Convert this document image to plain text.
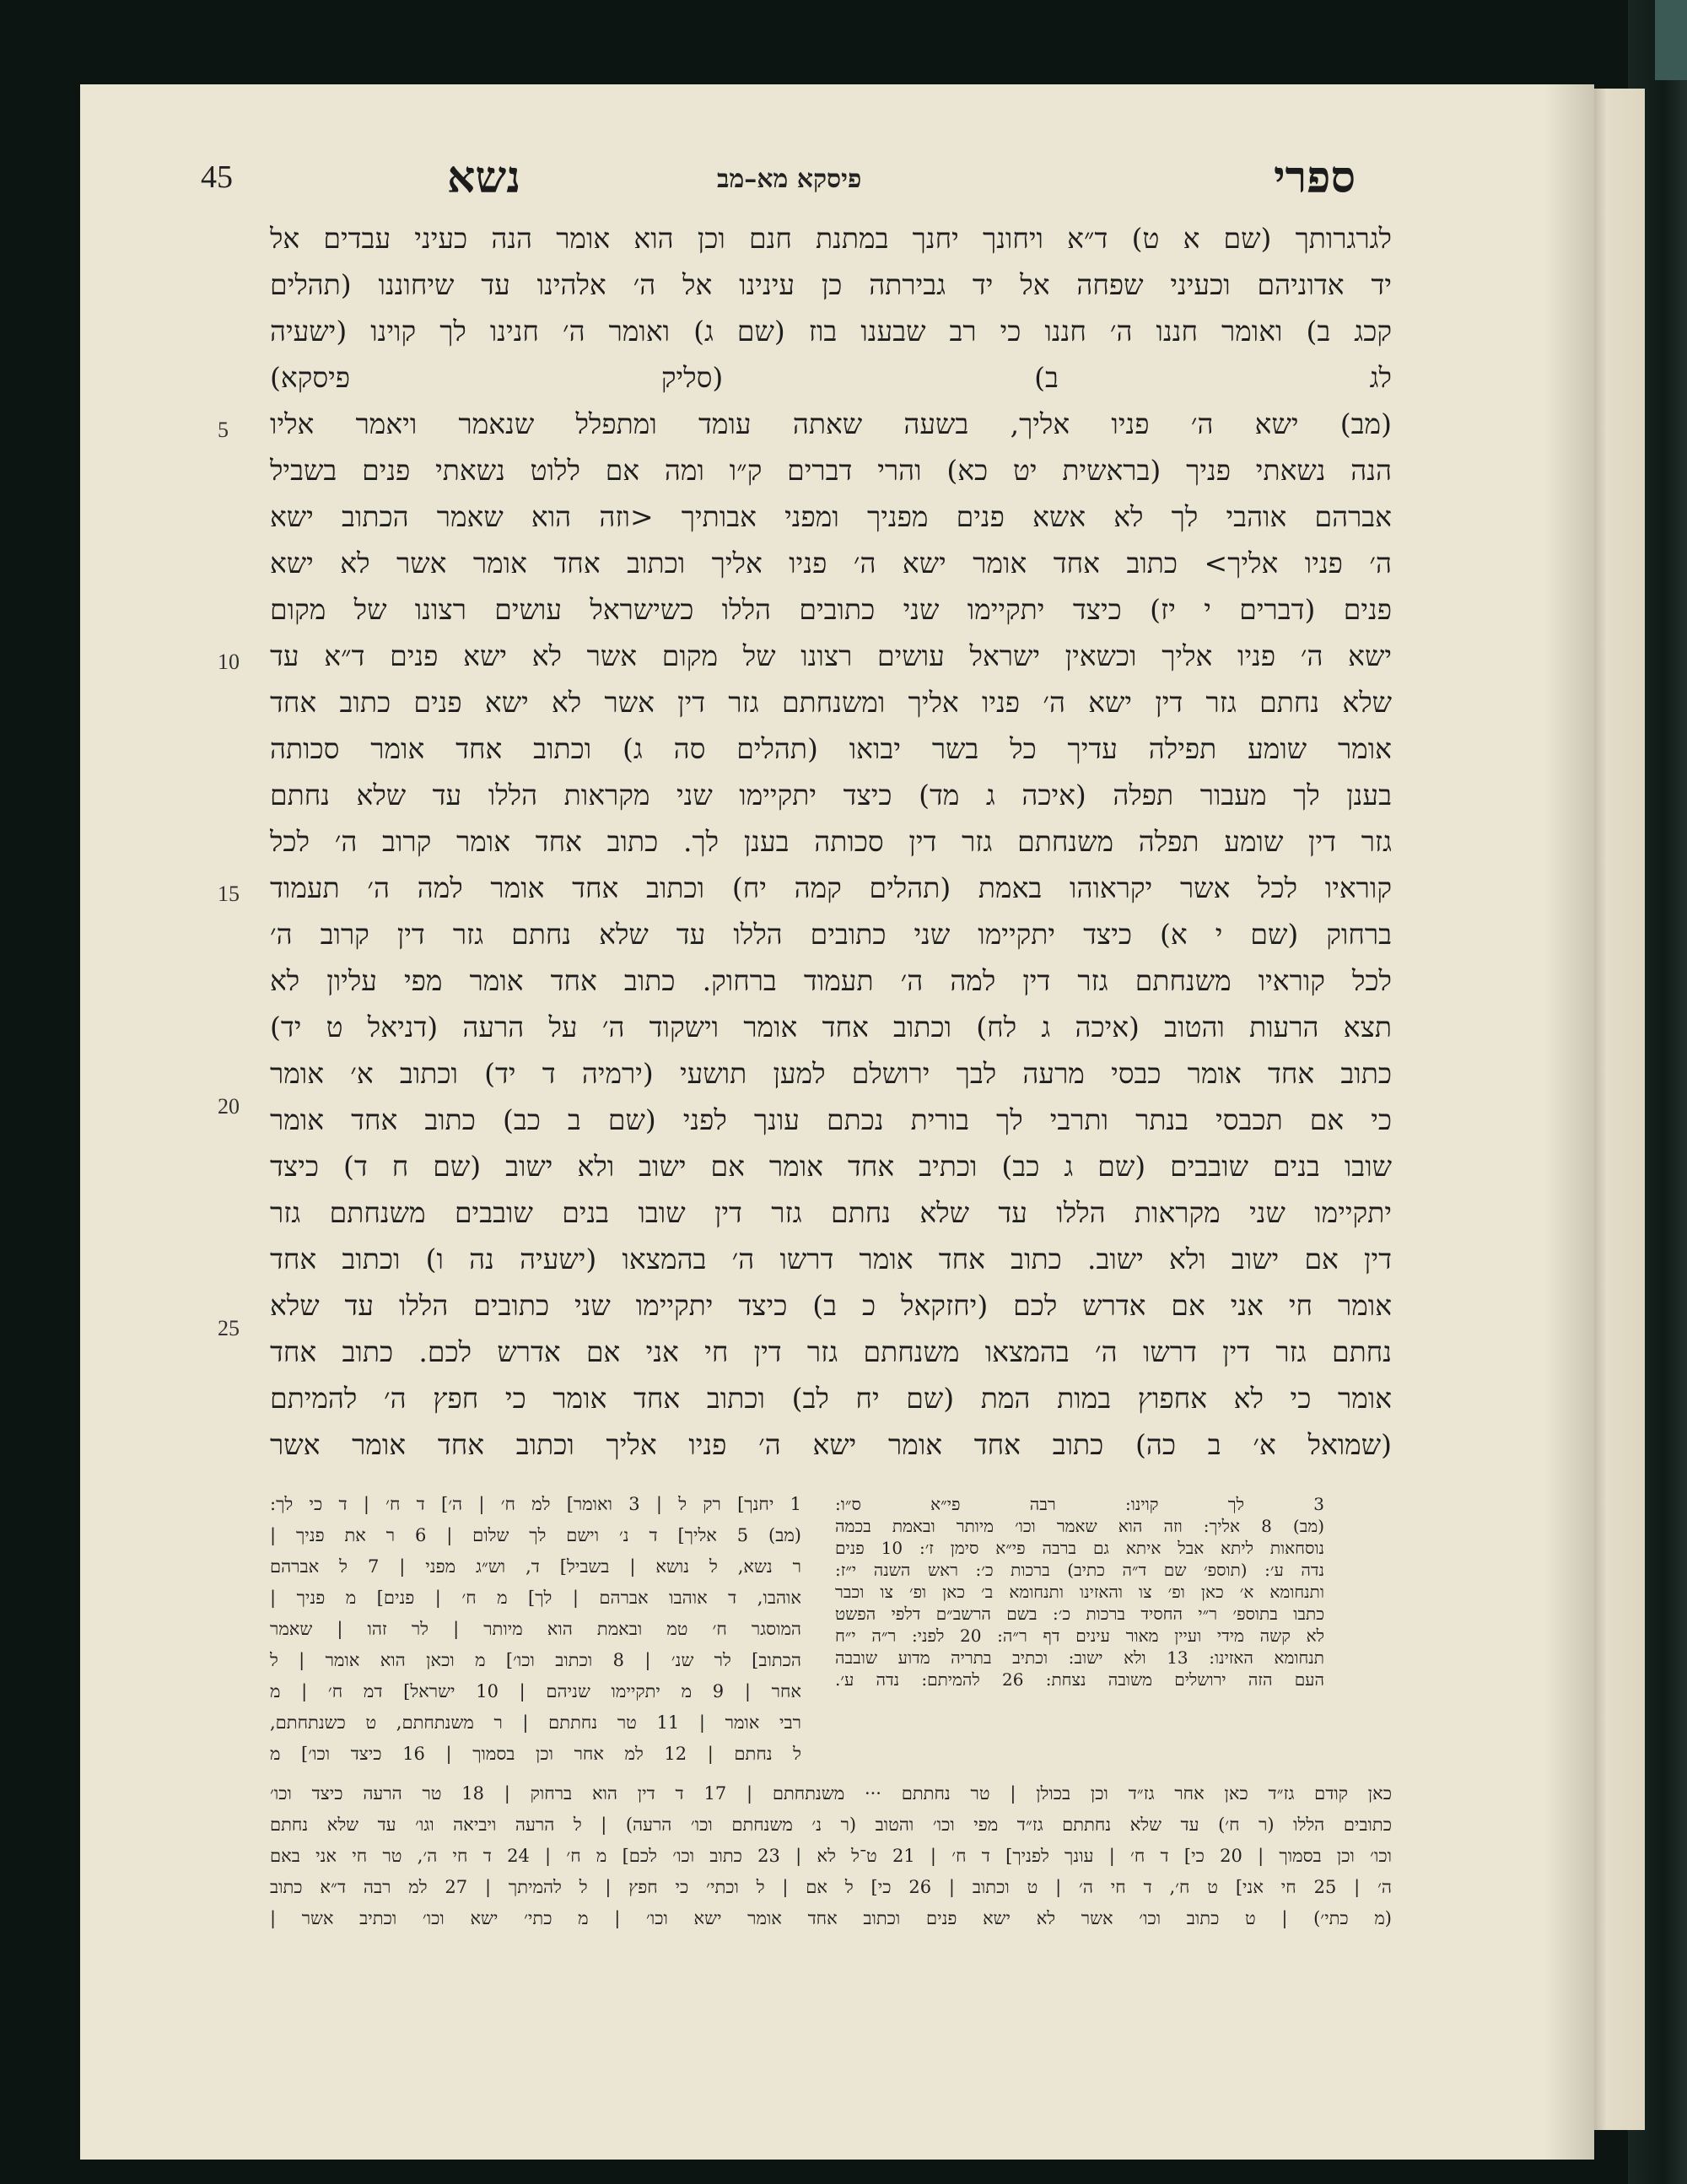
45	נשא	פיסקא מא–מב	ספרי
5
10
15
20
25
לגרגרותך (שם א ט) ד״א ויחונך יחנך במתנת חנם וכן הוא אומר הנה כעיני עבדים אל
יד אדוניהם וכעיני שפחה אל יד גבירתה כן עינינו אל ה׳ אלהינו עד שיחוננו (תהלים
קכג ב) ואומר חננו ה׳ חננו כי רב שבענו בוז (שם ג) ואומר ה׳ חנינו לך קוינו (ישעיה
לג ב) (סליק פיסקא)
(מב) ישא ה׳ פניו אליך, בשעה שאתה עומד ומתפלל שנאמר ויאמר אליו
הנה נשאתי פניך (בראשית יט כא) והרי דברים ק״ו ומה אם ללוט נשאתי פנים בשביל
אברהם אוהבי לך לא אשא פנים מפניך ומפני אבותיך <וזה הוא שאמר הכתוב ישא
ה׳ פניו אליך> כתוב אחד אומר ישא ה׳ פניו אליך וכתוב אחד אומר אשר לא ישא
פנים (דברים י יז) כיצד יתקיימו שני כתובים הללו כשישראל עושים רצונו של מקום
ישא ה׳ פניו אליך וכשאין ישראל עושים רצונו של מקום אשר לא ישא פנים ד״א עד
שלא נחתם גזר דין ישא ה׳ פניו אליך ומשנחתם גזר דין אשר לא ישא פנים כתוב אחד
אומר שומע תפילה עדיך כל בשר יבואו (תהלים סה ג) וכתוב אחד אומר סכותה
בענן לך מעבור תפלה (איכה ג מד) כיצד יתקיימו שני מקראות הללו עד שלא נחתם
גזר דין שומע תפלה משנחתם גזר דין סכותה בענן לך. כתוב אחד אומר קרוב ה׳ לכל
קוראיו לכל אשר יקראוהו באמת (תהלים קמה יח) וכתוב אחד אומר למה ה׳ תעמוד
ברחוק (שם י א) כיצד יתקיימו שני כתובים הללו עד שלא נחתם גזר דין קרוב ה׳
לכל קוראיו משנחתם גזר דין למה ה׳ תעמוד ברחוק. כתוב אחד אומר מפי עליון לא
תצא הרעות והטוב (איכה ג לח) וכתוב אחד אומר וישקוד ה׳ על הרעה (דניאל ט יד)
כתוב אחד אומר כבסי מרעה לבך ירושלם למען תושעי (ירמיה ד יד) וכתוב א׳ אומר
כי אם תכבסי בנתר ותרבי לך בורית נכתם עונך לפני (שם ב כב) כתוב אחד אומר
שובו בנים שובבים (שם ג כב) וכתיב אחד אומר אם ישוב ולא ישוב (שם ח ד) כיצד
יתקיימו שני מקראות הללו עד שלא נחתם גזר דין שובו בנים שובבים משנחתם גזר
דין אם ישוב ולא ישוב. כתוב אחד אומר דרשו ה׳ בהמצאו (ישעיה נה ו) וכתוב אחד
אומר חי אני אם אדרש לכם (יחזקאל כ ב) כיצד יתקיימו שני כתובים הללו עד שלא
נחתם גזר דין דרשו ה׳ בהמצאו משנחתם גזר דין חי אני אם אדרש לכם. כתוב אחד
אומר כי לא אחפוץ במות המת (שם יח לב) וכתוב אחד אומר כי חפץ ה׳ להמיתם
(שמואל א׳ ב כה) כתוב אחד אומר ישא ה׳ פניו אליך וכתוב אחד אומר אשר
1 יחנך] רק ל | 3 ואומר] למ ח׳ | ה׳] ד ח׳ | ד כי לך:
(מב) 5 אליך] ד נ׳ וישם לך שלום | 6 ר את פניך |
ר נשא, ל נושא | בשביל] ד, וש״ג מפני | 7 ל אברהם
אוהבו, ד אוהבו אברהם | לך] מ ח׳ | פנים] מ פניך |
המוסגר ח׳ טמ ובאמת הוא מיותר | לר זהו | שאמר
הכתוב] לר שנ׳ | 8 וכתוב וכו׳] מ וכאן הוא אומר | ל
אחר | 9 מ יתקיימו שניהם | 10 ישראל] דמ ח׳ | מ
רבי אומר | 11 טר נחתתם | ר משנתחתם, ט כשנתחתם,
ל נחתם | 12 למ אחר וכן בסמוך | 16 כיצד וכו׳] מ
3 לך קוינו: רבה פי״א ס״ו:
(מב) 8 אליך: וזה הוא שאמר וכו׳ מיותר ובאמת בכמה
נוסחאות ליתא אבל איתא גם ברבה פי״א סימן ז׳: 10 פנים
נדה ע׳: (תוספ׳ שם ד״ה כתיב) ברכות כ׳: ראש השנה י״ז:
ותנחומא א׳ כאן ופ׳ צו והאזינו ותנחומא ב׳ כאן ופ׳ צו וכבר
כתבו בתוספ׳ ר״י החסיד ברכות כ׳: בשם הרשב״ם דלפי הפשט
לא קשה מידי ועיין מאור עינים דף ר״ה: 20 לפני: ר״ה י״ח
תנחומא האזינו: 13 ולא ישוב: וכתיב בתריה מדוע שובבה
העם הזה ירושלים משובה נצחת: 26 להמיתם: נדה ע׳.
כאן קודם גז״ד כאן אחר גז״ד וכן בכולן | טר נחתתם ··· משנתחתם | 17 ד דין הוא ברחוק | 18 טר הרעה כיצד וכו׳
כתובים הללו (ר ח׳) עד שלא נחתתם גז״ד מפי וכו׳ והטוב (ר נ׳ משנחתם וכו׳ הרעה) | ל הרעה ויביאה וגו׳ עד שלא נחתם
וכו׳ וכן בסמוך | 20 כי] ד ח׳ | עונך לפניך] ד ח׳ | 21 ט־ל לא | 23 כתוב וכו׳ לכם] מ ח׳ | 24 ד חי ה׳, טר חי אני באם
ה׳ | 25 חי אני] ט ח׳, ד חי ה׳ | ט וכתוב | 26 כי] ל אם | ל וכתי׳ כי חפץ | ל להמיתך | 27 למ רבה ד״א כתוב
(מ כתי׳) | ט כתוב וכו׳ אשר לא ישא פנים וכתוב אחד אומר ישא וכו׳ | מ כתי׳ ישא וכו׳ וכתיב אשר |
